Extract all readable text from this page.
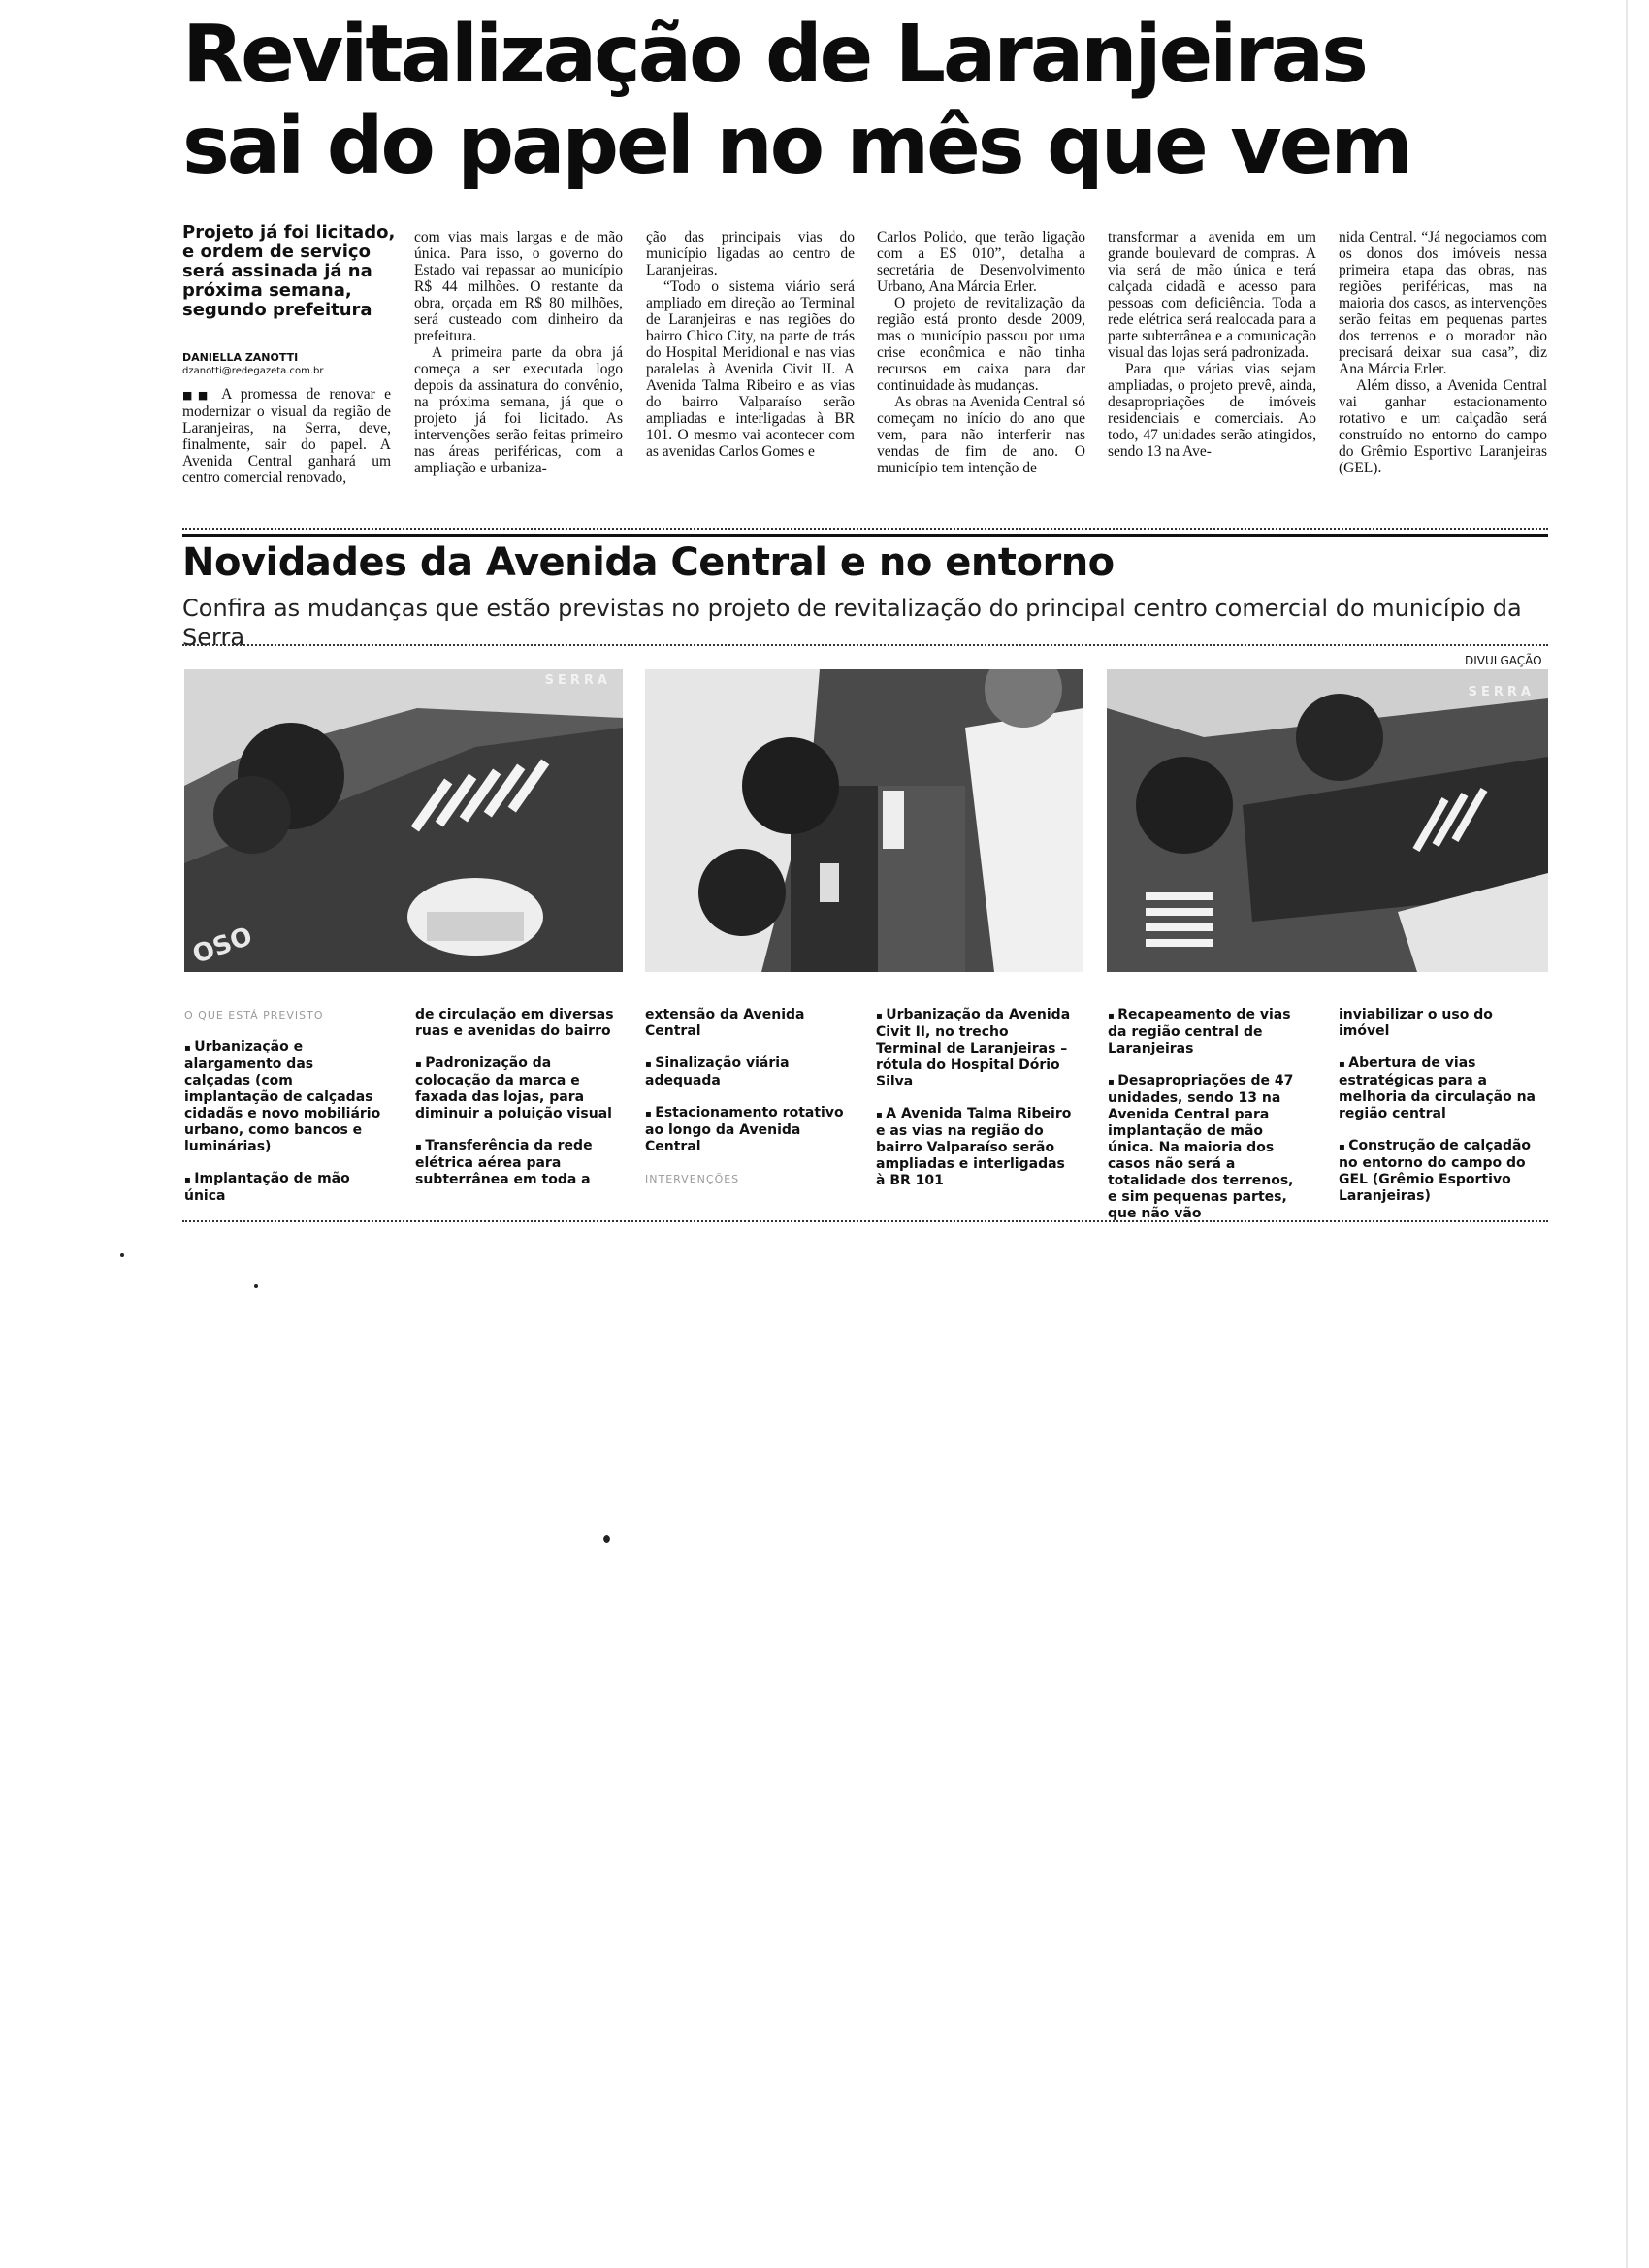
Revitalização de Laranjeiras
sai do papel no mês que vem

Projeto já foi licitado, e ordem de serviço será assinada já na próxima semana, segundo prefeitura

DANIELLA ZANOTTI
dzanotti@redegazeta.com.br

■■ A promessa de renovar e modernizar o visual da região de Laranjeiras, na Serra, deve, finalmente, sair do papel. A Avenida Central ganhará um centro comercial renovado,

com vias mais largas e de mão única. Para isso, o governo do Estado vai repassar ao município R$ 44 milhões. O restante da obra, orçada em R$ 80 milhões, será custeado com dinheiro da prefeitura.

A primeira parte da obra já começa a ser executada logo depois da assinatura do convênio, na próxima semana, já que o projeto já foi licitado. As intervenções serão feitas primeiro nas áreas periféricas, com a ampliação e urbaniza-

ção das principais vias do município ligadas ao centro de Laranjeiras.

“Todo o sistema viário será ampliado em direção ao Terminal de Laranjeiras e nas regiões do bairro Chico City, na parte de trás do Hospital Meridional e nas vias paralelas à Avenida Civit II. A Avenida Talma Ribeiro e as vias do bairro Valparaíso serão ampliadas e interligadas à BR 101. O mesmo vai acontecer com as avenidas Carlos Gomes e

Carlos Polido, que terão ligação com a ES 010”, detalha a secretária de Desenvolvimento Urbano, Ana Márcia Erler.

O projeto de revitalização da região está pronto desde 2009, mas o município passou por uma crise econômica e não tinha recursos em caixa para dar continuidade às mudanças.

As obras na Avenida Central só começam no início do ano que vem, para não interferir nas vendas de fim de ano. O município tem intenção de

transformar a avenida em um grande boulevard de compras. A via será de mão única e terá calçada cidadã e acesso para pessoas com deficiência. Toda a rede elétrica será realocada para a parte subterrânea e a comunicação visual das lojas será padronizada.

Para que várias vias sejam ampliadas, o projeto prevê, ainda, desapropriações de imóveis residenciais e comerciais. Ao todo, 47 unidades serão atingidos, sendo 13 na Ave-

nida Central. “Já negociamos com os donos dos imóveis nessa primeira etapa das obras, nas regiões periféricas, mas na maioria dos casos, as intervenções serão feitas em pequenas partes dos terrenos e o morador não precisará deixar sua casa”, diz Ana Márcia Erler.

Além disso, a Avenida Central vai ganhar estacionamento rotativo e um calçadão será construído no entorno do campo do Grêmio Esportivo Laranjeiras (GEL).

Novidades da Avenida Central e no entorno

Confira as mudanças que estão previstas no projeto de revitalização do principal centro comercial do município da Serra

DIVULGAÇÃO
SERRA
OSO
SERRA

O QUE ESTÁ PREVISTO

▪ Urbanização e alargamento das calçadas (com implantação de calçadas cidadãs e novo mobiliário urbano, como bancos e luminárias)

▪ Implantação de mão única

de circulação em diversas ruas e avenidas do bairro

▪ Padronização da colocação da marca e faxada das lojas, para diminuir a poluição visual

▪ Transferência da rede elétrica aérea para subterrânea em toda a

extensão da Avenida Central

▪ Sinalização viária adequada

▪ Estacionamento rotativo ao longo da Avenida Central

INTERVENÇÕES

▪ Urbanização da Avenida Civit II, no trecho Terminal de Laranjeiras – rótula do Hospital Dório Silva

▪ A Avenida Talma Ribeiro e as vias na região do bairro Valparaíso serão ampliadas e interligadas à BR 101

▪ Recapeamento de vias da região central de Laranjeiras

▪ Desapropriações de 47 unidades, sendo 13 na Avenida Central para implantação de mão única. Na maioria dos casos não será a totalidade dos terrenos, e sim pequenas partes, que não vão

inviabilizar o uso do imóvel

▪ Abertura de vias estratégicas para a melhoria da circulação na região central

▪ Construção de calçadão no entorno do campo do GEL (Grêmio Esportivo Laranjeiras)
